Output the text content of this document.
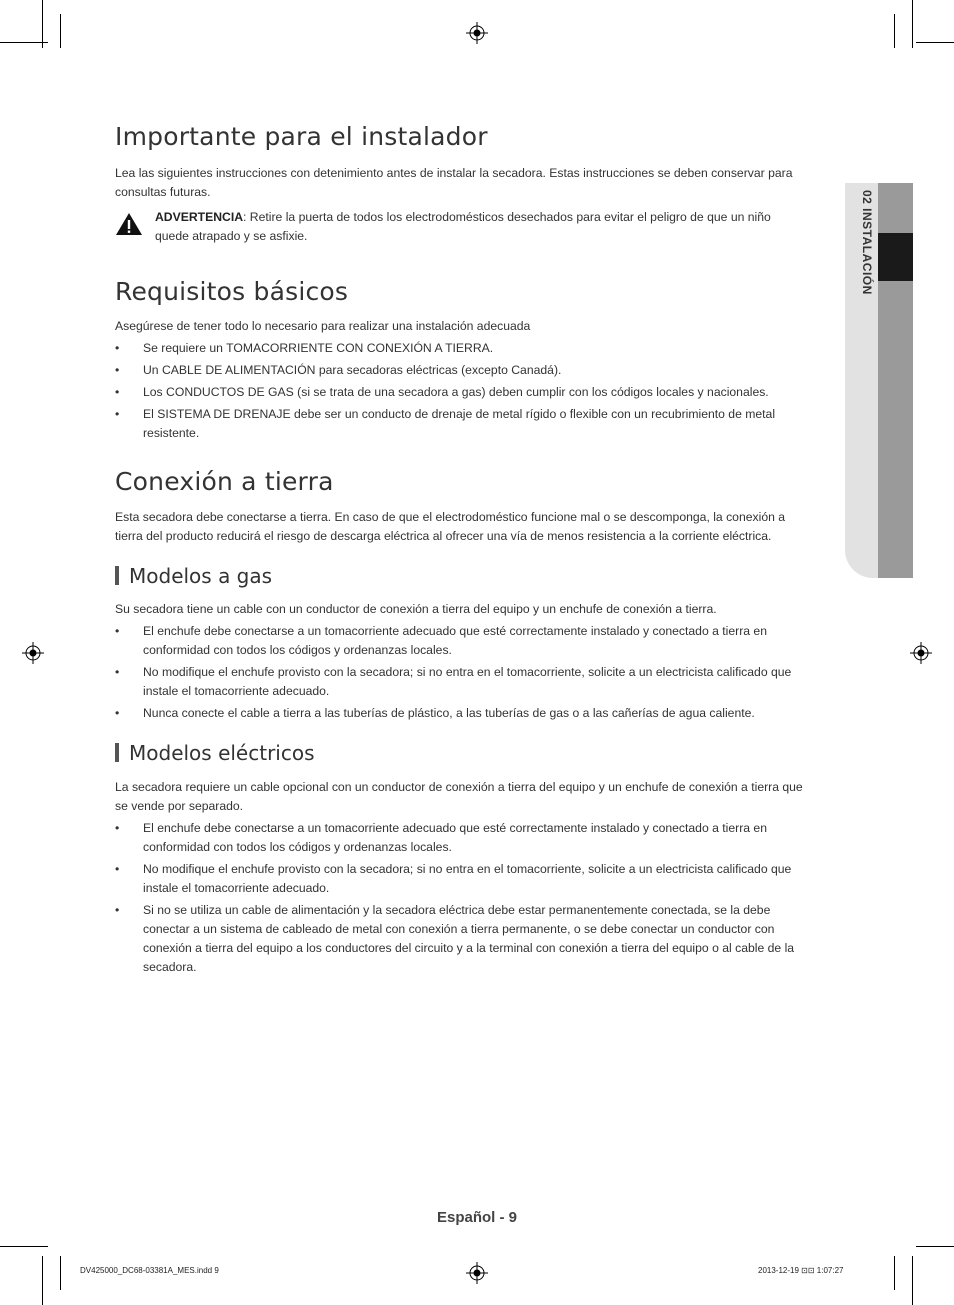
02 INSTALACIÓN
Importante para el instalador

Lea las siguientes instrucciones con detenimiento antes de instalar la secadora. Estas instrucciones se deben conservar para consultas futuras.

ADVERTENCIA: Retire la puerta de todos los electrodomésticos desechados para evitar el peligro de que un niño quede atrapado y se asfixie.
Requisitos básicos

Asegúrese de tener todo lo necesario para realizar una instalación adecuada

• Se requiere un TOMACORRIENTE CON CONEXIÓN A TIERRA.
• Un CABLE DE ALIMENTACIÓN para secadoras eléctricas (excepto Canadá).
• Los CONDUCTOS DE GAS (si se trata de una secadora a gas) deben cumplir con los códigos locales y nacionales.
• El SISTEMA DE DRENAJE debe ser un conducto de drenaje de metal rígido o flexible con un recubrimiento de metal resistente.
Conexión a tierra

Esta secadora debe conectarse a tierra. En caso de que el electrodoméstico funcione mal o se descomponga, la conexión a tierra del producto reducirá el riesgo de descarga eléctrica al ofrecer una vía de menos resistencia a la corriente eléctrica.

Modelos a gas

Su secadora tiene un cable con un conductor de conexión a tierra del equipo y un enchufe de conexión a tierra.

• El enchufe debe conectarse a un tomacorriente adecuado que esté correctamente instalado y conectado a tierra en conformidad con todos los códigos y ordenanzas locales.
• No modifique el enchufe provisto con la secadora; si no entra en el tomacorriente, solicite a un electricista calificado que instale el tomacorriente adecuado.
• Nunca conecte el cable a tierra a las tuberías de plástico, a las tuberías de gas o a las cañerías de agua caliente.
Modelos eléctricos

La secadora requiere un cable opcional con un conductor de conexión a tierra del equipo y un enchufe de conexión a tierra que se vende por separado.

• El enchufe debe conectarse a un tomacorriente adecuado que esté correctamente instalado y conectado a tierra en conformidad con todos los códigos y ordenanzas locales.
• No modifique el enchufe provisto con la secadora; si no entra en el tomacorriente, solicite a un electricista calificado que instale el tomacorriente adecuado.
• Si no se utiliza un cable de alimentación y la secadora eléctrica debe estar permanentemente conectada, se la debe conectar a un sistema de cableado de metal con conexión a tierra permanente, o se debe conectar un conductor con conexión a tierra del equipo a los conductores del circuito y a la terminal con conexión a tierra del equipo o al cable de la secadora.
Español - 9
DV425000_DC68-03381A_MES.indd 9	2013-12-19 ⊡⊡ 1:07:27
